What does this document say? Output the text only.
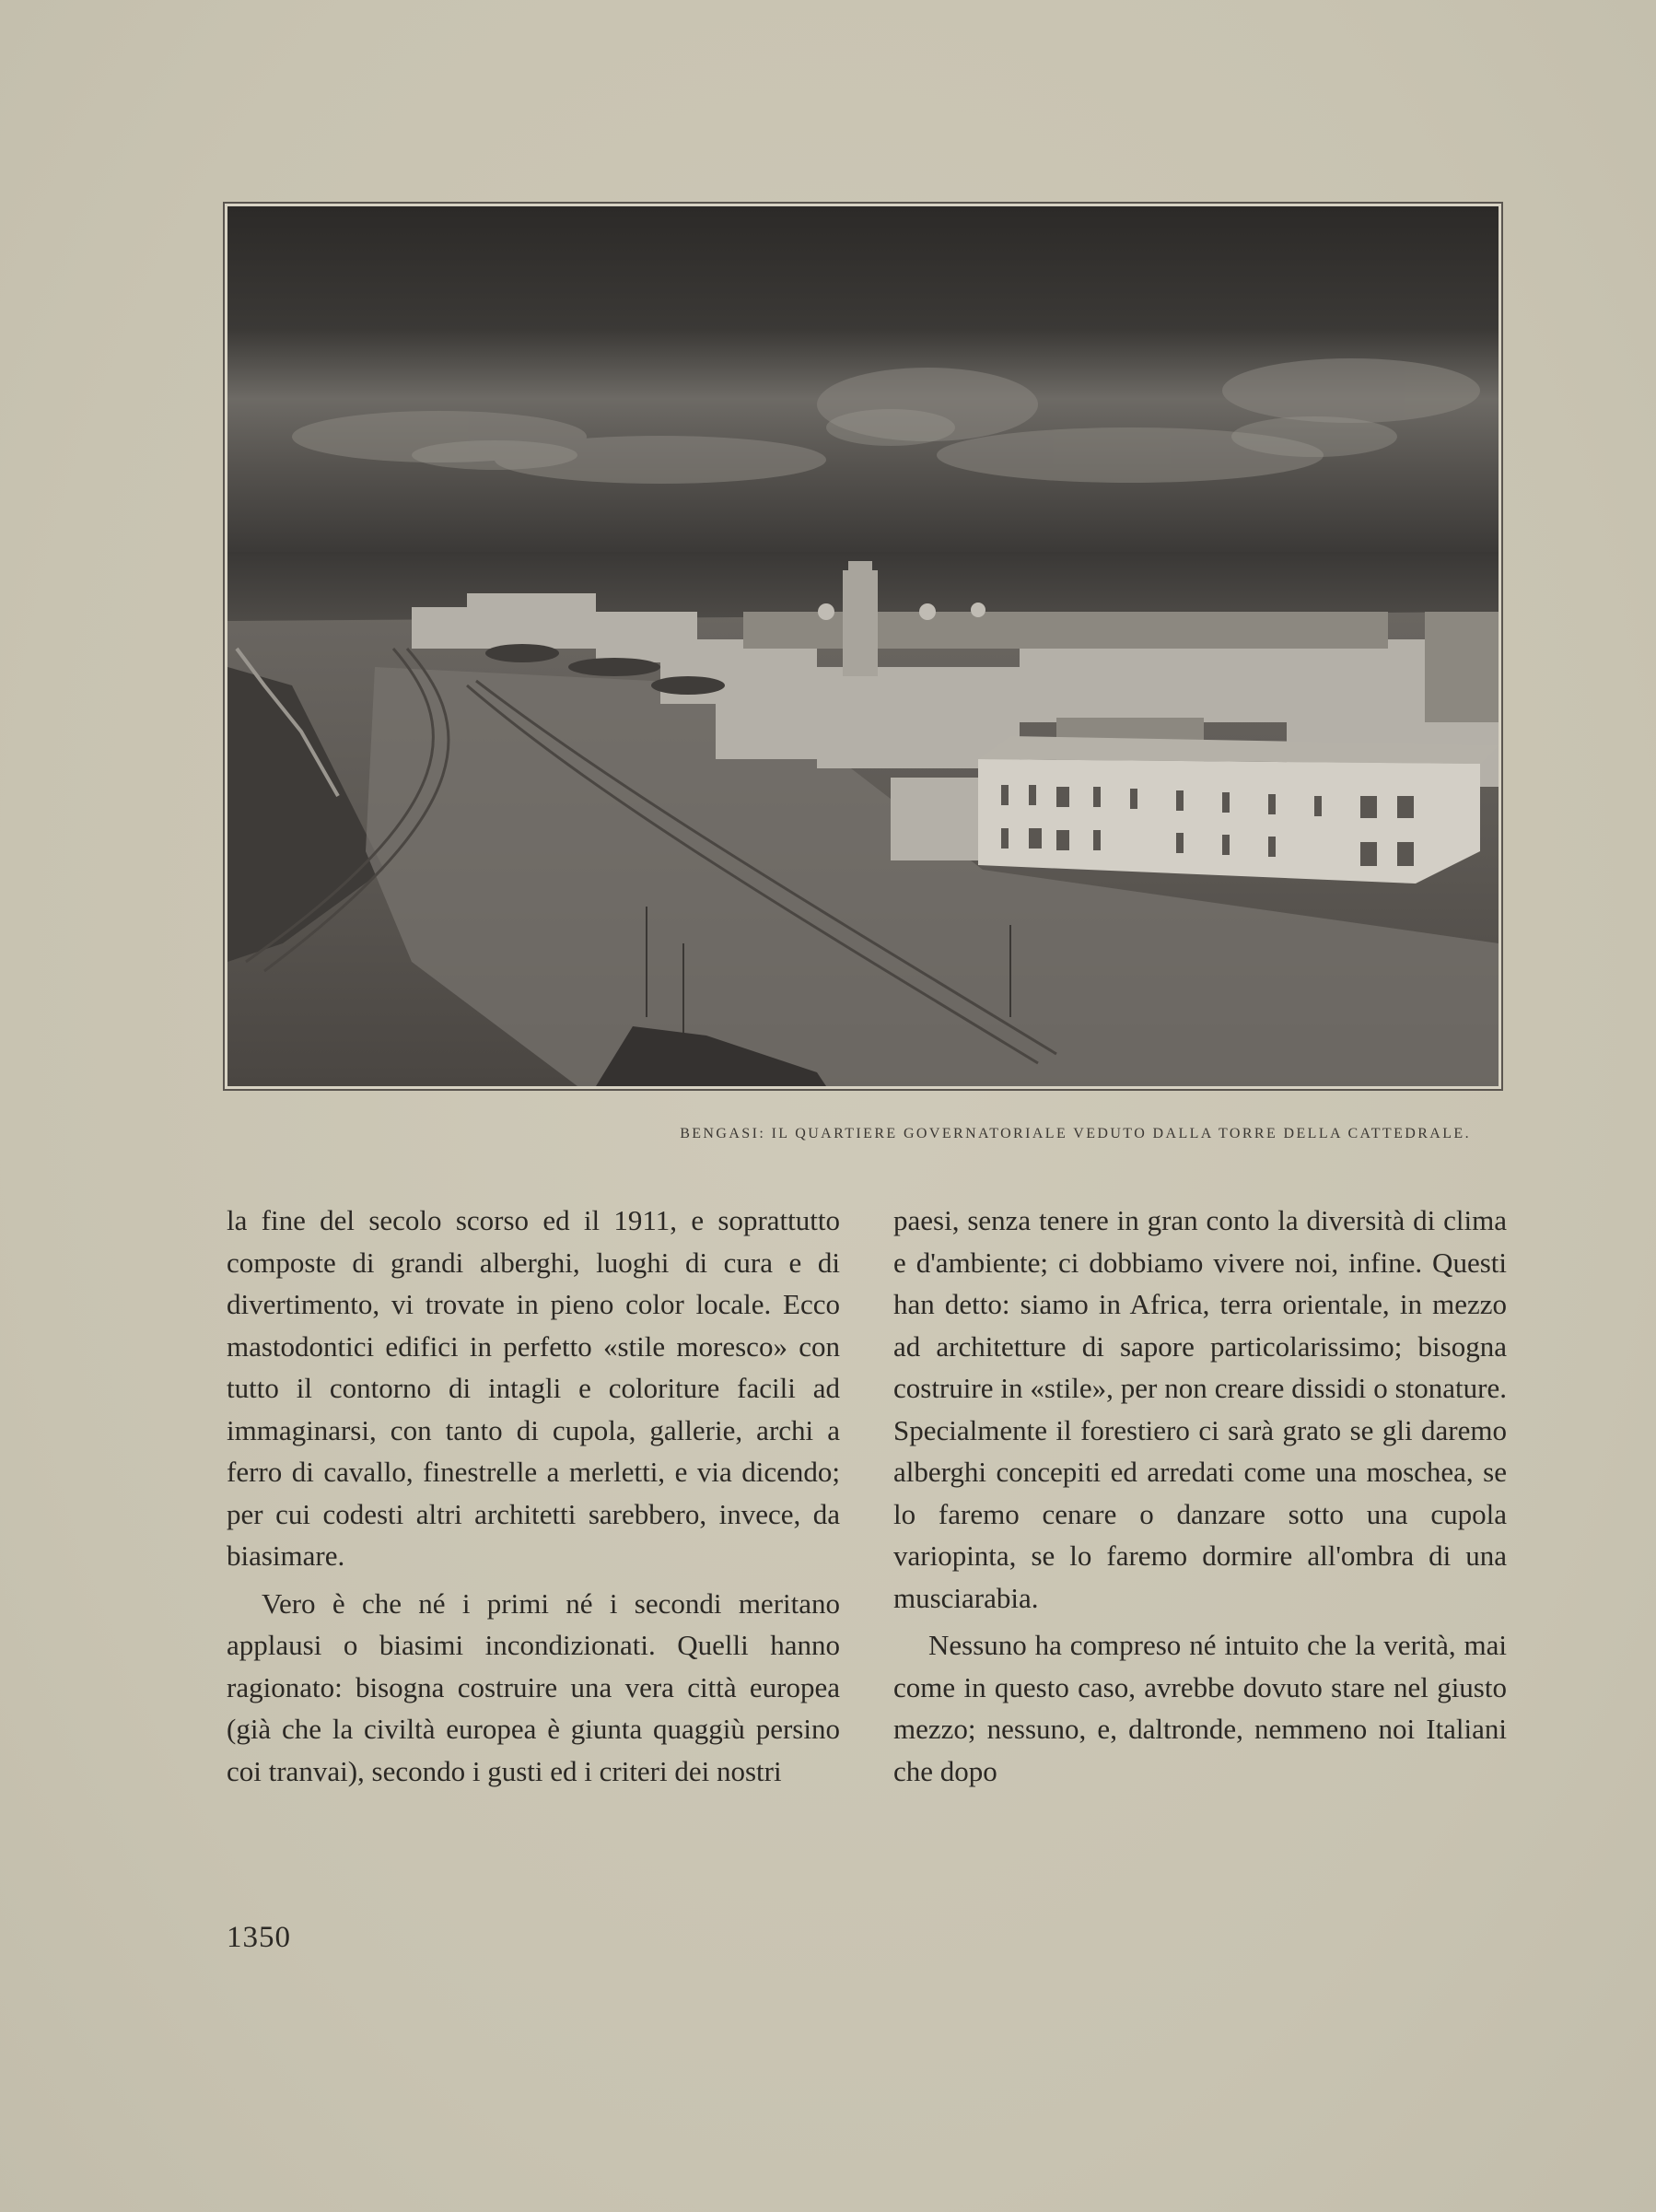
BENGASI: IL QUARTIERE GOVERNATORIALE VEDUTO DALLA TORRE DELLA CATTEDRALE.

la fine del secolo scorso ed il 1911, e soprattutto composte di grandi alberghi, luoghi di cura e di divertimento, vi trovate in pieno color locale. Ecco mastodontici edifici in perfetto «stile moresco» con tutto il contorno di intagli e coloriture facili ad immaginarsi, con tanto di cupola, gallerie, archi a ferro di cavallo, finestrelle a merletti, e via dicendo; per cui codesti altri architetti sarebbero, invece, da biasimare.

Vero è che né i primi né i secondi meritano applausi o biasimi incondizionati. Quelli hanno ragionato: bisogna costruire una vera città europea (già che la civiltà europea è giunta quaggiù persino coi tranvai), secondo i gusti ed i criteri dei nostri

paesi, senza tenere in gran conto la diversità di clima e d'ambiente; ci dobbiamo vivere noi, infine. Questi han detto: siamo in Africa, terra orientale, in mezzo ad architetture di sapore particolarissimo; bisogna costruire in «stile», per non creare dissidi o stonature. Specialmente il forestiero ci sarà grato se gli daremo alberghi concepiti ed arredati come una moschea, se lo faremo cenare o danzare sotto una cupola variopinta, se lo faremo dormire all'ombra di una musciarabia.

Nessuno ha compreso né intuito che la verità, mai come in questo caso, avrebbe dovuto stare nel giusto mezzo; nessuno, e, daltronde, nemmeno noi Italiani che dopo

1350
